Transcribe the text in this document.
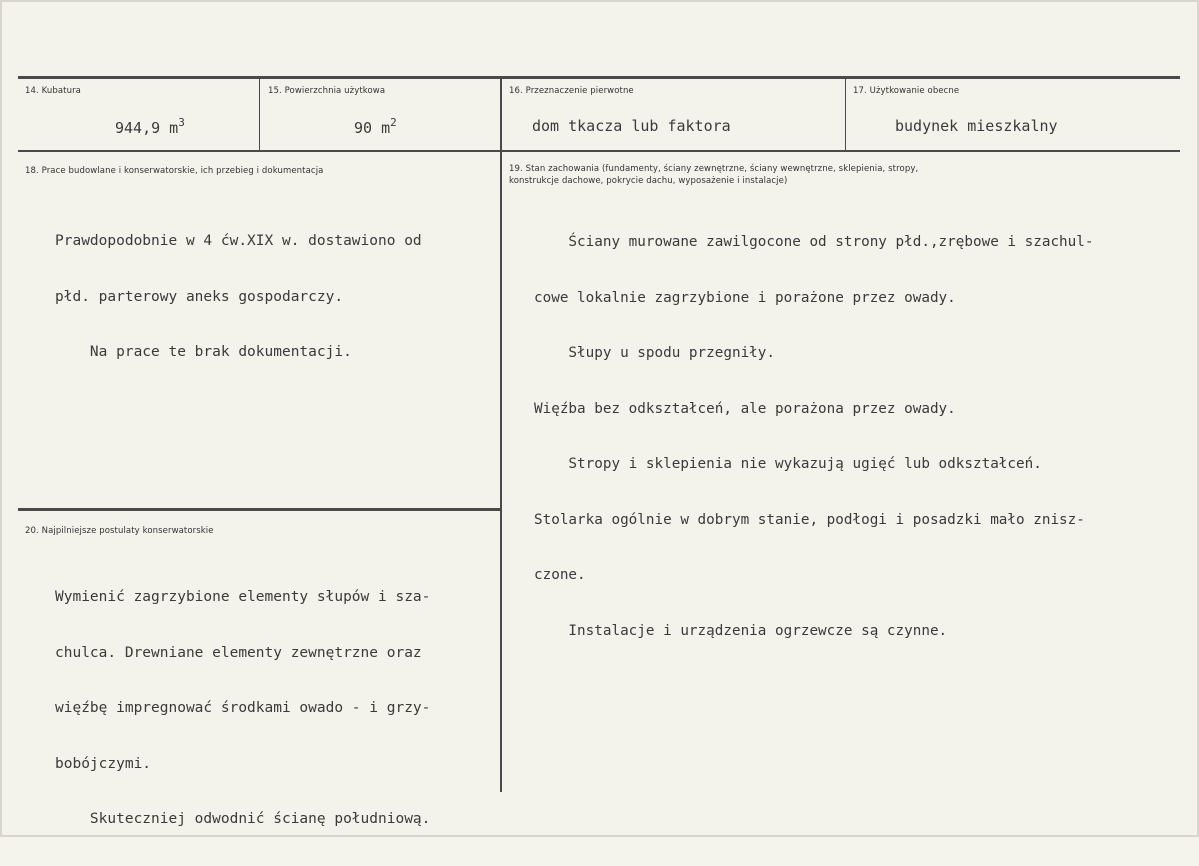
14. Kubatura
944,9 $m^3$
15. Powierzchnia użytkowa
90 $m^2$
16. Przeznaczenie pierwotne
dom tkacza lub faktora
17. Użytkowanie obecne
budynek mieszkalny
18. Prace budowlane i konserwatorskie, ich przebieg i dokumentacja

Prawdopodobnie w 4 ćw.XIX w. dostawiono od

płd. parterowy aneks gospodarczy.

Na prace te brak dokumentacji.

19. Stan zachowania (fundamenty, ściany zewnętrzne, ściany wewnętrzne, sklepienia, stropy,
konstrukcje dachowe, pokrycie dachu, wyposażenie i instalacje)

Ściany murowane zawilgocone od strony płd.,zrębowe i szachul-

cowe lokalnie zagrzybione i porażone przez owady.

Słupy u spodu przegniły.

Więźba bez odkształceń, ale porażona przez owady.

Stropy i sklepienia nie wykazują ugięć lub odkształceń.

Stolarka ogólnie w dobrym stanie, podłogi i posadzki mało znisz-

czone.

Instalacje i urządzenia ogrzewcze są czynne.

20. Najpilniejsze postulaty konserwatorskie

Wymienić zagrzybione elementy słupów i sza-

chulca. Drewniane elementy zewnętrzne oraz

więźbę impregnować środkami owado - i grzy-

bobójczymi.

Skuteczniej odwodnić ścianę południową.
